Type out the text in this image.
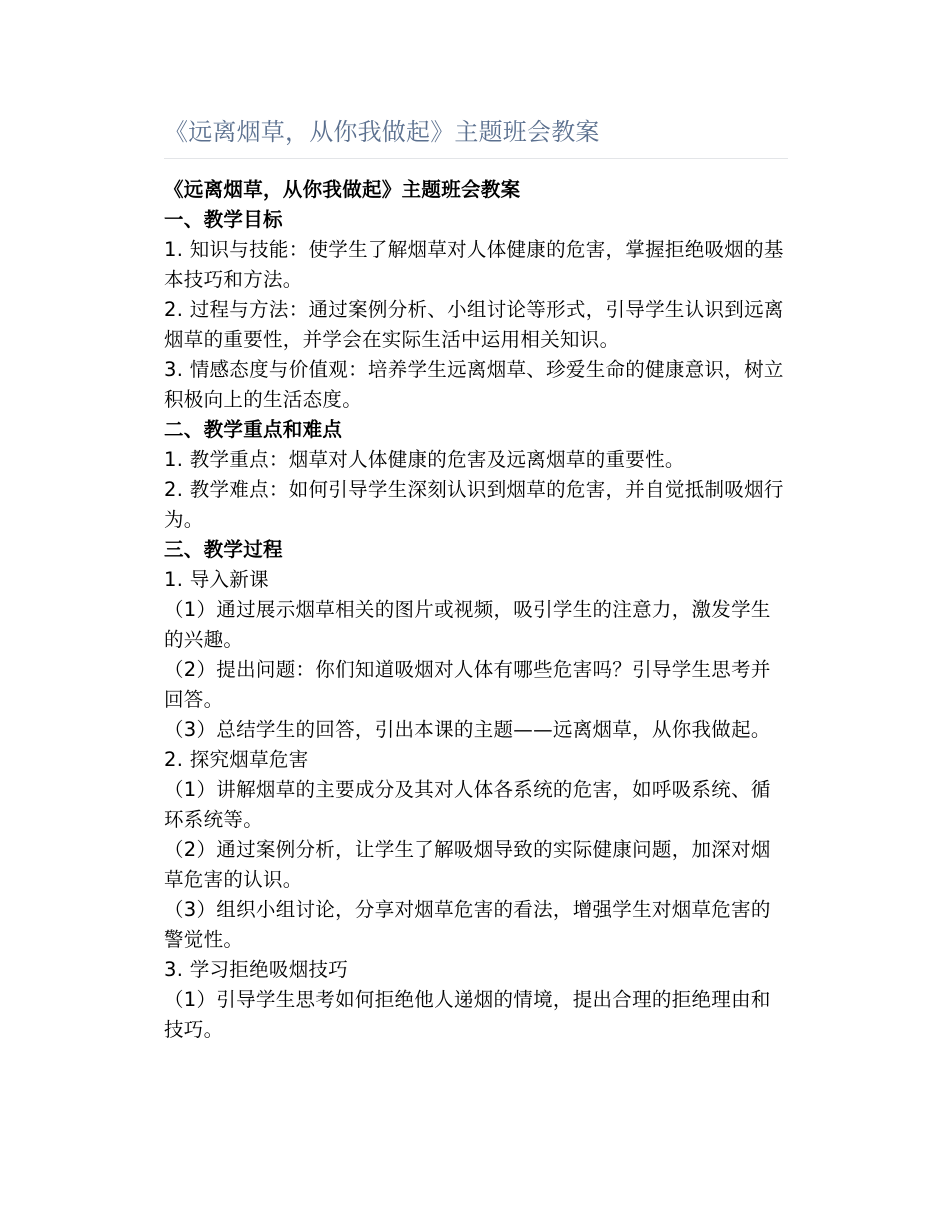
《远离烟草，从你我做起》主题班会教案

《远离烟草，从你我做起》主题班会教案

一、教学目标

1. 知识与技能：使学生了解烟草对人体健康的危害，掌握拒绝吸烟的基本技巧和方法。

2. 过程与方法：通过案例分析、小组讨论等形式，引导学生认识到远离烟草的重要性，并学会在实际生活中运用相关知识。

3. 情感态度与价值观：培养学生远离烟草、珍爱生命的健康意识，树立积极向上的生活态度。

二、教学重点和难点

1. 教学重点：烟草对人体健康的危害及远离烟草的重要性。

2. 教学难点：如何引导学生深刻认识到烟草的危害，并自觉抵制吸烟行为。

三、教学过程

1. 导入新课

（1）通过展示烟草相关的图片或视频，吸引学生的注意力，激发学生的兴趣。

（2）提出问题：你们知道吸烟对人体有哪些危害吗？引导学生思考并回答。

（3）总结学生的回答，引出本课的主题——远离烟草，从你我做起。

2. 探究烟草危害

（1）讲解烟草的主要成分及其对人体各系统的危害，如呼吸系统、循环系统等。

（2）通过案例分析，让学生了解吸烟导致的实际健康问题，加深对烟草危害的认识。

（3）组织小组讨论，分享对烟草危害的看法，增强学生对烟草危害的警觉性。

3. 学习拒绝吸烟技巧

（1）引导学生思考如何拒绝他人递烟的情境，提出合理的拒绝理由和技巧。
